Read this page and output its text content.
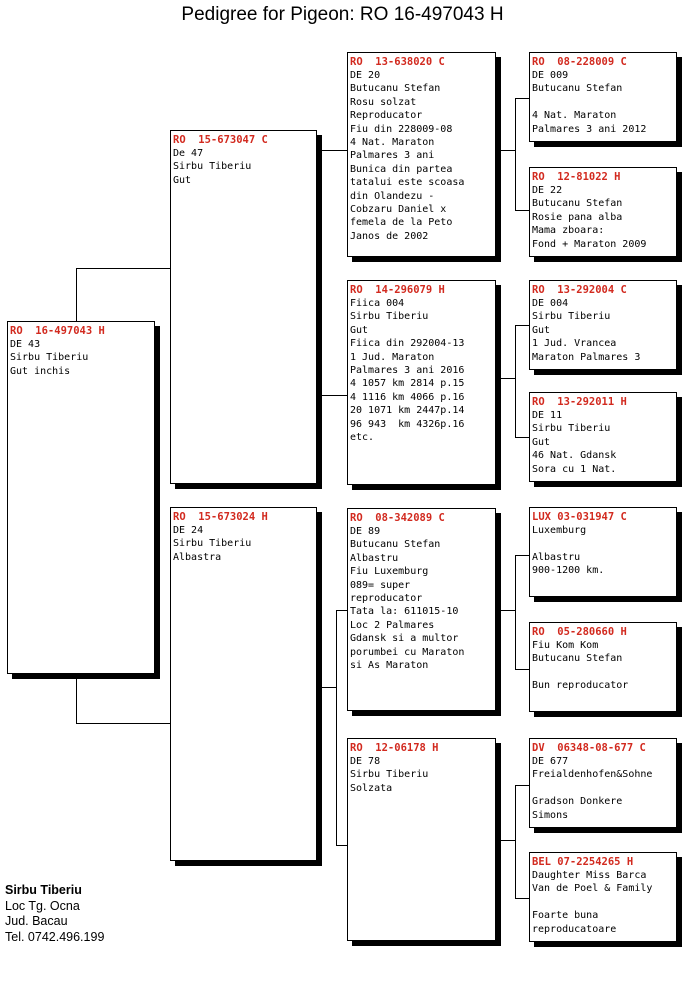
Pedigree for Pigeon: RO 16-497043 H
RO  16-497043 H
DE 43
Sirbu Tiberiu
Gut inchis
RO  15-673047 C
De 47
Sirbu Tiberiu
Gut
RO  15-673024 H
DE 24
Sirbu Tiberiu
Albastra
RO  13-638020 C
DE 20
Butucanu Stefan
Rosu solzat
Reproducator
Fiu din 228009-08
4 Nat. Maraton
Palmares 3 ani
Bunica din partea
tatalui este scoasa
din Olandezu -
Cobzaru Daniel x
femela de la Peto
Janos de 2002
RO  14-296079 H
Fiica 004
Sirbu Tiberiu
Gut
Fiica din 292004-13
1 Jud. Maraton
Palmares 3 ani 2016
4 1057 km 2814 p.15
4 1116 km 4066 p.16
20 1071 km 2447p.14
96 943  km 4326p.16
etc.
RO  08-342089 C
DE 89
Butucanu Stefan
Albastru
Fiu Luxemburg
089= super
reproducator
Tata la: 611015-10
Loc 2 Palmares
Gdansk si a multor
porumbei cu Maraton
si As Maraton
RO  12-06178 H
DE 78
Sirbu Tiberiu
Solzata
RO  08-228009 C
DE 009
Butucanu Stefan
4 Nat. Maraton
Palmares 3 ani 2012
RO  12-81022 H
DE 22
Butucanu Stefan
Rosie pana alba
Mama zboara:
Fond + Maraton 2009
RO  13-292004 C
DE 004
Sirbu Tiberiu
Gut
1 Jud. Vrancea
Maraton Palmares 3
RO  13-292011 H
DE 11
Sirbu Tiberiu
Gut
46 Nat. Gdansk
Sora cu 1 Nat.
LUX 03-031947 C
Luxemburg
Albastru
900-1200 km.
RO  05-280660 H
Fiu Kom Kom
Butucanu Stefan
Bun reproducator
DV  06348-08-677 C
DE 677
Freialdenhofen&Sohne
Gradson Donkere
Simons
BEL 07-2254265 H
Daughter Miss Barca
Van de Poel & Family
Foarte buna
reproducatoare
Sirbu Tiberiu
Loc Tg. Ocna
Jud. Bacau
Tel. 0742.496.199
